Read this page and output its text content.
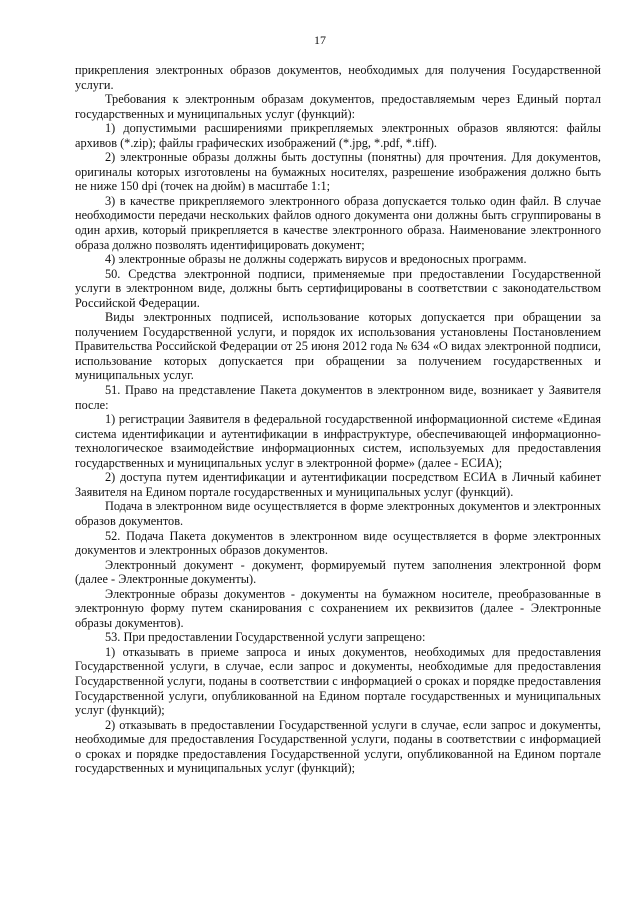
17

прикрепления электронных образов документов, необходимых для получения Государственной услуги.

Требования к электронным образам документов, предоставляемым через Единый портал государственных и муниципальных услуг (функций):

1) допустимыми расширениями прикрепляемых электронных образов являются: файлы архивов (*.zip); файлы графических изображений (*.jpg, *.pdf, *.tiff).

2) электронные образы должны быть доступны (понятны) для прочтения. Для документов, оригиналы которых изготовлены на бумажных носителях, разрешение изображения должно быть не ниже 150 dpi (точек на дюйм) в масштабе 1:1;

3) в качестве прикрепляемого электронного образа допускается только один файл. В случае необходимости передачи нескольких файлов одного документа они должны быть сгруппированы в один архив, который прикрепляется в качестве электронного образа. Наименование электронного образа должно позволять идентифицировать документ;

4) электронные образы не должны содержать вирусов и вредоносных программ.

50. Средства электронной подписи, применяемые при предоставлении Государственной услуги в электронном виде, должны быть сертифицированы в соответствии с законодательством Российской Федерации.

Виды электронных подписей, использование которых допускается при обращении за получением Государственной услуги, и порядок их использования установлены Постановлением Правительства Российской Федерации от 25 июня 2012 года № 634 «О видах электронной подписи, использование которых допускается при обращении за получением государственных и муниципальных услуг.

51. Право на представление Пакета документов в электронном виде, возникает у Заявителя после:

1) регистрации Заявителя в федеральной государственной информационной системе «Единая система идентификации и аутентификации в инфраструктуре, обеспечивающей информационно-технологическое взаимодействие информационных систем, используемых для предоставления государственных и муниципальных услуг в электронной форме» (далее - ЕСИА);

2) доступа путем идентификации и аутентификации посредством ЕСИА в Личный кабинет Заявителя на Едином портале государственных и муниципальных услуг (функций).

Подача в электронном виде осуществляется в форме электронных документов и электронных образов документов.

52. Подача Пакета документов в электронном виде осуществляется в форме электронных документов и электронных образов документов.

Электронный документ - документ, формируемый путем заполнения электронной форм (далее - Электронные документы).

Электронные образы документов - документы на бумажном носителе, преобразованные в электронную форму путем сканирования с сохранением их реквизитов (далее - Электронные образы документов).

53. При предоставлении Государственной услуги запрещено:

1) отказывать в приеме запроса и иных документов, необходимых для предоставления Государственной услуги, в случае, если запрос и документы, необходимые для предоставления Государственной услуги, поданы в соответствии с информацией о сроках и порядке предоставления Государственной услуги, опубликованной на Едином портале государственных и муниципальных услуг (функций);

2) отказывать в предоставлении Государственной услуги в случае, если запрос и документы, необходимые для предоставления Государственной услуги, поданы в соответствии с информацией о сроках и порядке предоставления Государственной услуги, опубликованной на Едином портале государственных и муниципальных услуг (функций);
